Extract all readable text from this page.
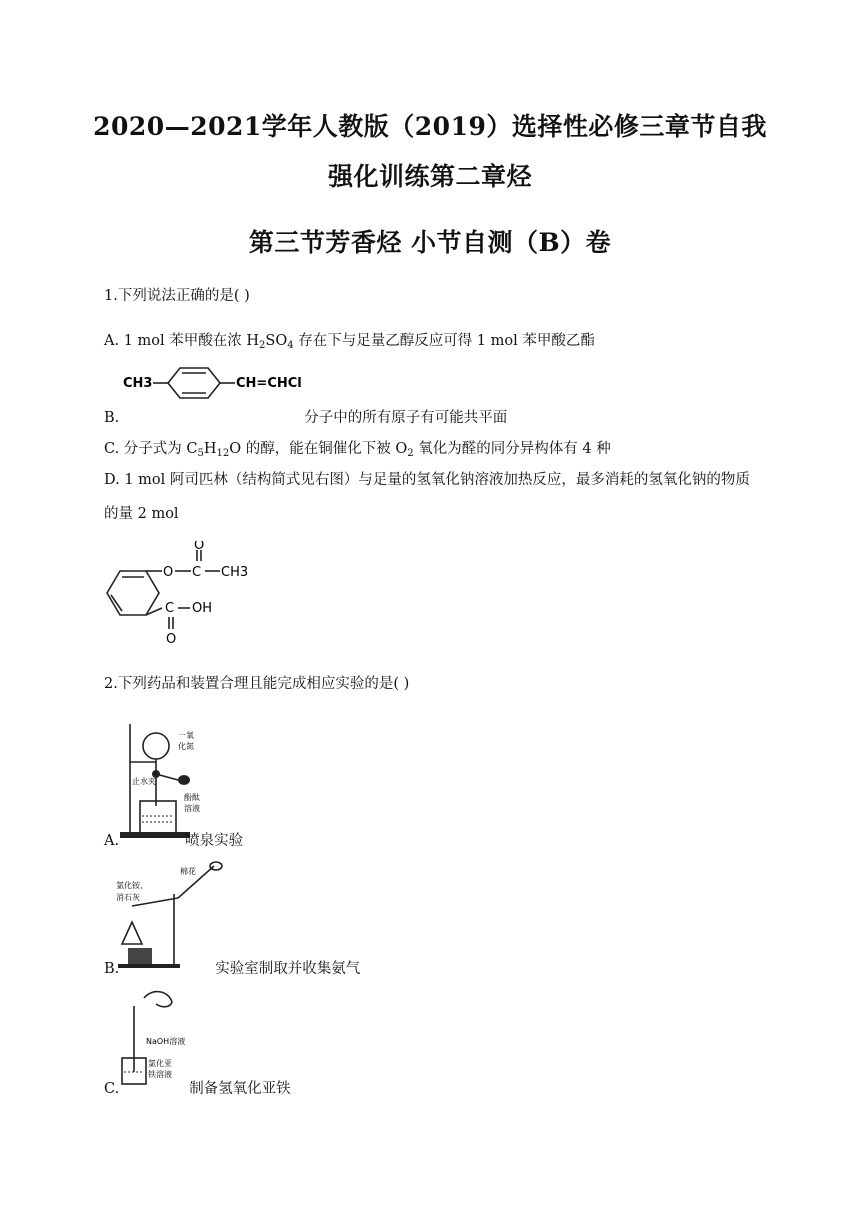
2020—2021学年人教版（2019）选择性必修三章节自我
强化训练第二章烃
第三节芳香烃 小节自测（B）卷
1.下列说法正确的是( )
A. 1 mol 苯甲酸在浓 $H_2SO_4$ 存在下与足量乙醇反应可得 1 mol 苯甲酸乙酯
CH3	CH=CHCl
B.	分子中的所有原子有可能共平面
C. 分子式为 $C_5H_{12}O$ 的醇，能在铜催化下被 $O_2$ 氧化为醛的同分异构体有 4 种
D. 1 mol 阿司匹林（结构简式见右图）与足量的氢氧化钠溶液加热反应，最多消耗的氢氧化钠的物质的量 2 mol
O C
O
CH3
C OH
O
2.下列药品和装置合理且能完成相应实验的是( )
一氧
化氮
止水夹
酚酞
溶液
A.	喷泉实验
氯化铵、
消石灰
棉花
B.	实验室制取并收集氨气
NaOH溶液
氯化亚
铁溶液
C.	制备氢氧化亚铁
